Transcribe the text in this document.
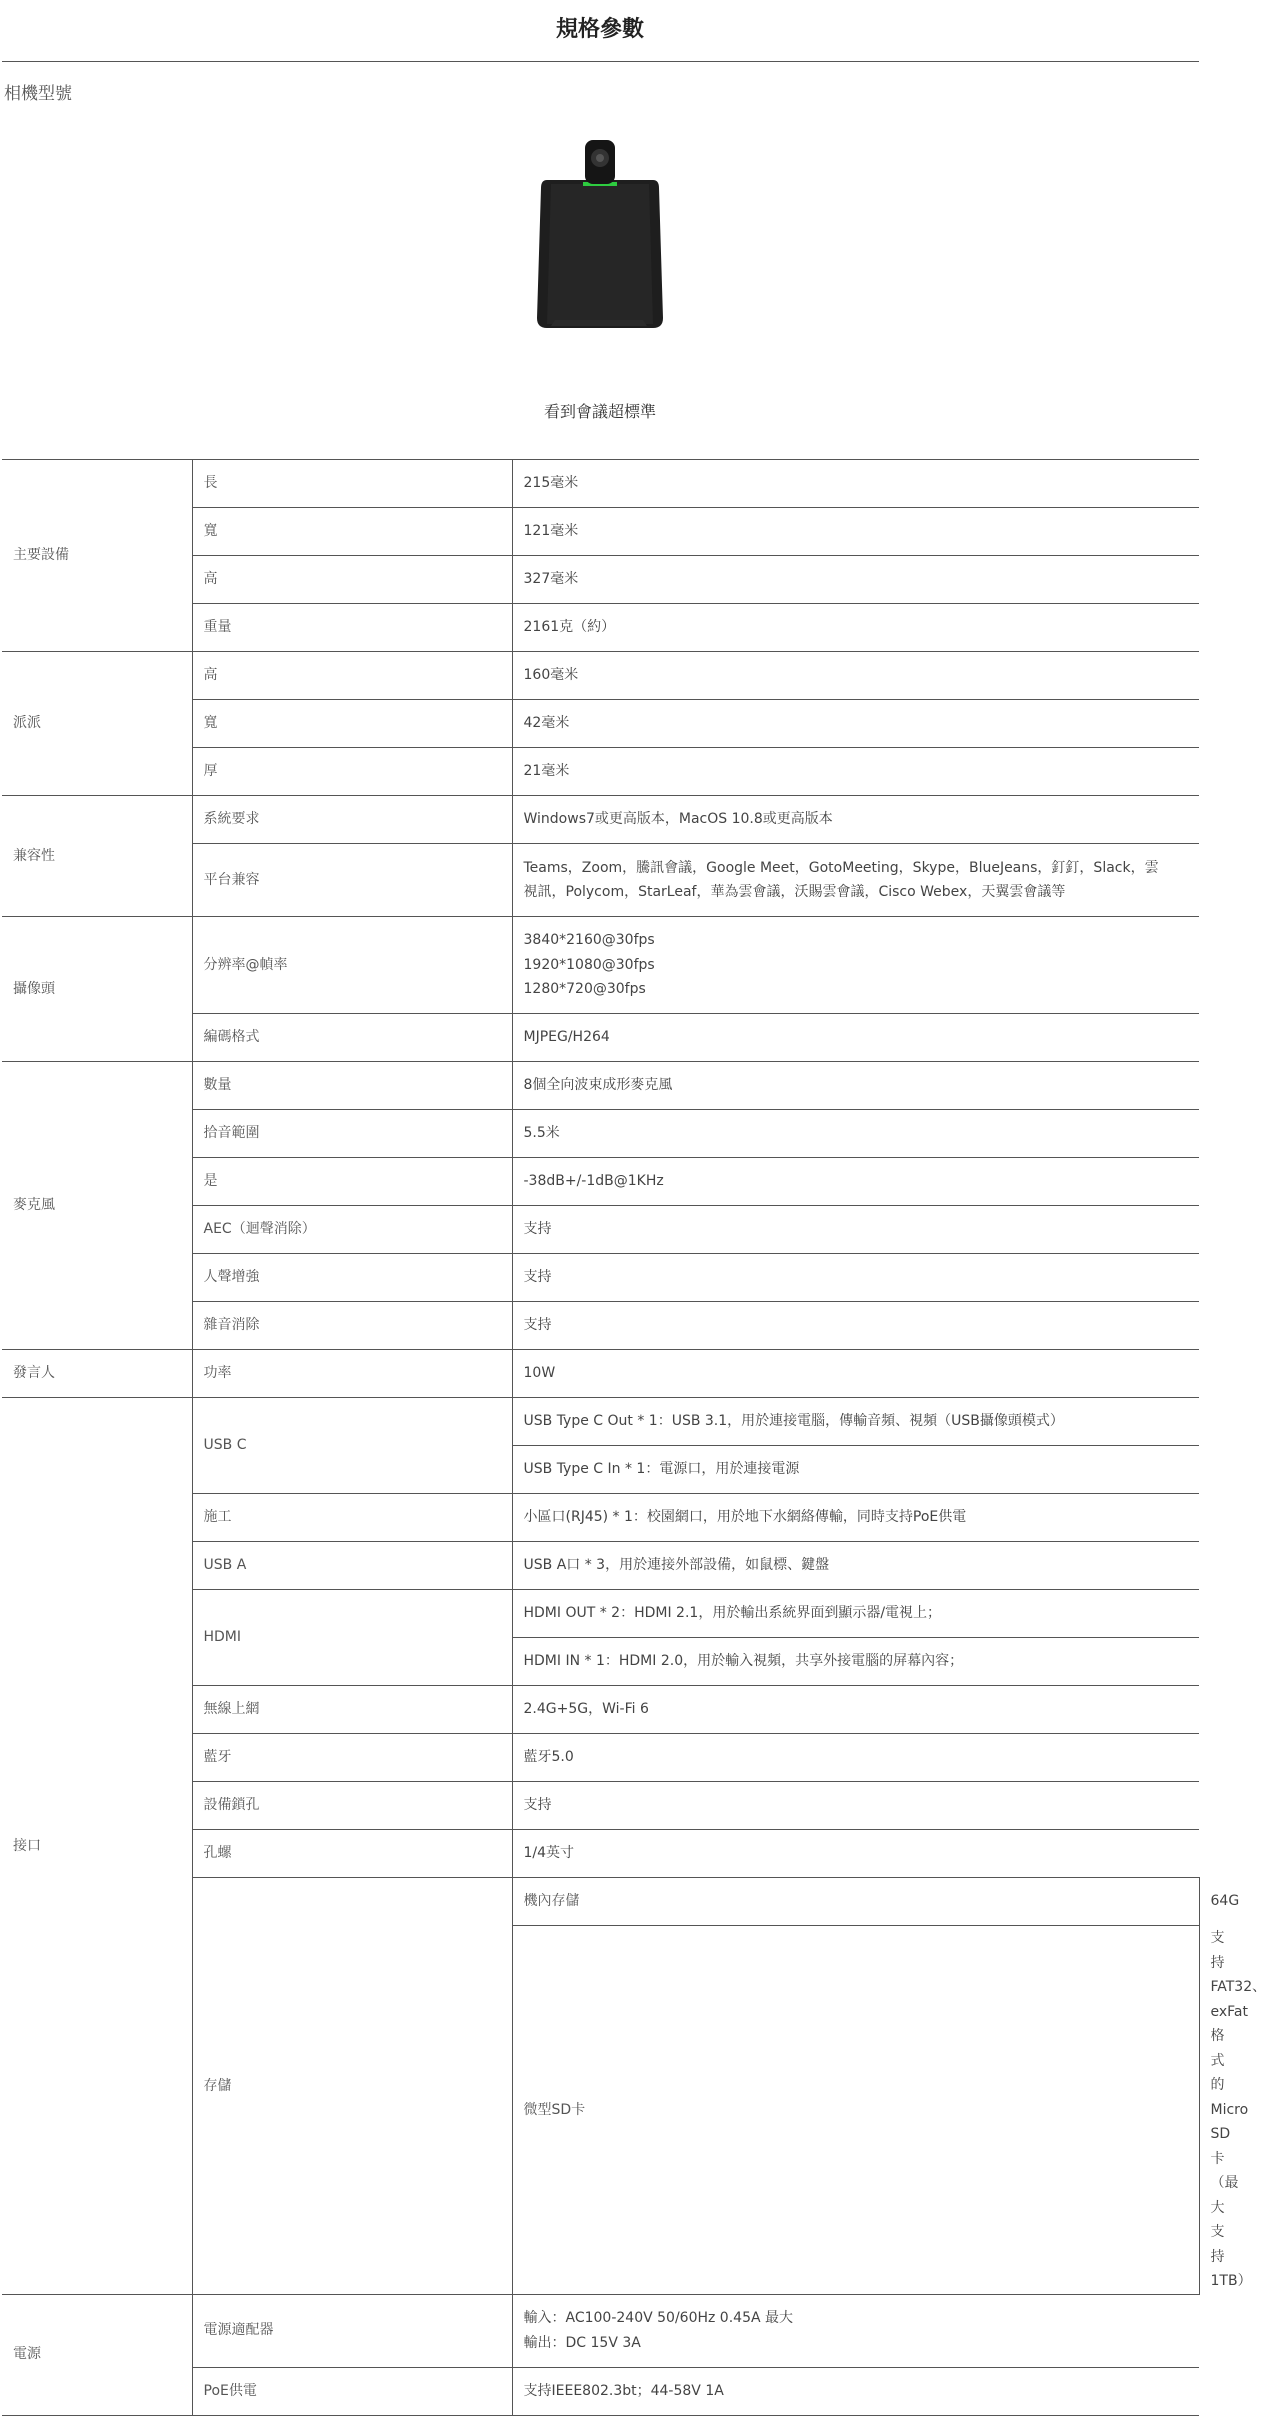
規格參數
相機型號
看到會議超標準
主要設備	長	215毫米	
	寬	121毫米	
	高	327毫米	
	重量	2161克（約）	
派派	高	160毫米	
	寬	42毫米	
	厚	21毫米	
兼容性	系統要求	Windows7或更高版本，MacOS 10.8或更高版本	
	平台兼容	Teams，Zoom，騰訊會議，Google Meet，GotoMeeting，Skype，BlueJeans，釘釘，Slack，雲
視訊，Polycom，StarLeaf，華為雲會議，沃賜雲會議，Cisco Webex，天翼雲會議等	

攝像頭	分辨率@幀率	3840*2160@30fps
1920*1080@30fps
1280*720@30fps	

	編碼格式	MJPEG/H264	
麥克風	數量	8個全向波束成形麥克風	
	拾音範圍	5.5米	
	是	-38dB+/-1dB@1KHz	
	AEC（迴聲消除）	支持	
	人聲增強	支持	
	雜音消除	支持	
發言人	功率	10W	
接口	USB C	USB Type C Out * 1：USB 3.1，用於連接電腦，傳輸音頻、視頻（USB攝像頭模式）	
		USB Type C In * 1：電源口，用於連接電源	
	施工	小區口(RJ45) * 1：校園網口，用於地下水網絡傳輸，同時支持PoE供電	
	USB A	USB A口 * 3，用於連接外部設備，如鼠標、鍵盤	
	HDMI	HDMI OUT * 2：HDMI 2.1，用於輸出系統界面到顯示器/電視上；	
		HDMI IN * 1：HDMI 2.0，用於輸入視頻，共享外接電腦的屏幕內容；	
	無線上網	2.4G+5G，Wi-Fi 6	
	藍牙	藍牙5.0	
	設備鎖孔	支持	
	孔螺	1/4英寸	
	存儲	機內存儲	64G
		微型SD卡	支持FAT32、exFat格式的Micro SD卡（最大支持1TB）
電源	電源適配器	輸入：AC100-240V 50/60Hz 0.45A 最大
輸出：DC 15V 3A	

	PoE供電	支持IEEE802.3bt；44-58V 1A	
